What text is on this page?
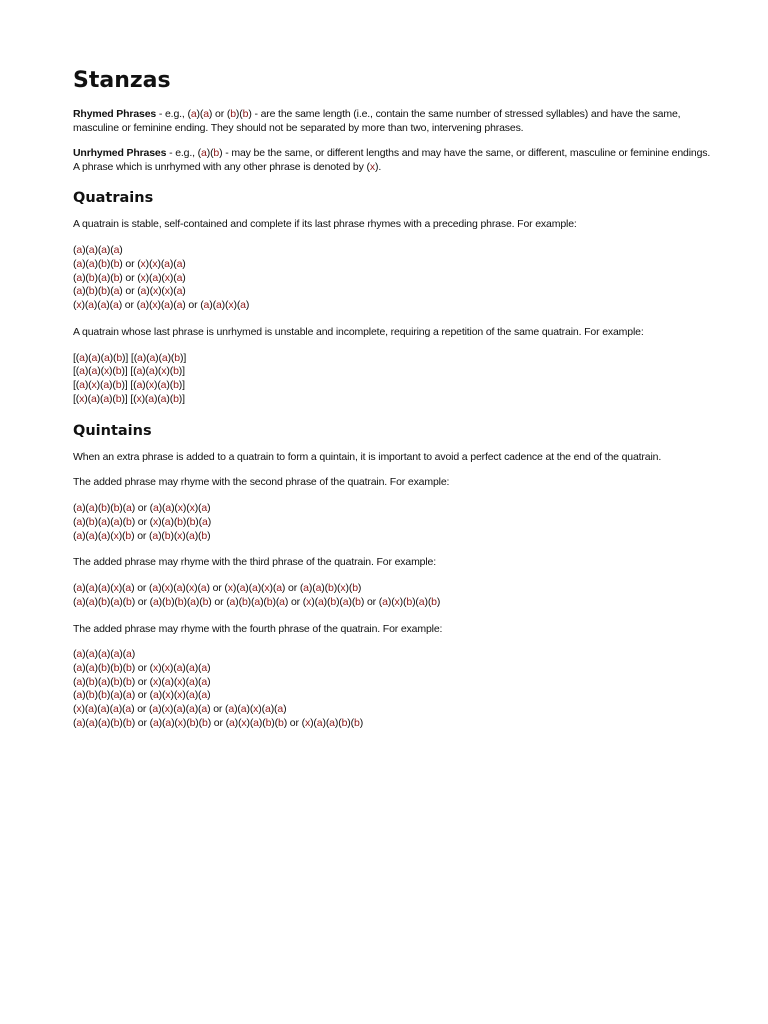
Stanzas

Rhymed Phrases - e.g., (a)(a) or (b)(b) - are the same length (i.e., contain the same number of stressed syllables) and have the same, masculine or feminine ending. They should not be separated by more than two, intervening phrases.

Unrhymed Phrases - e.g., (a)(b) - may be the same, or different lengths and may have the same, or different, masculine or feminine endings. A phrase which is unrhymed with any other phrase is denoted by (x).

Quatrains

A quatrain is stable, self-contained and complete if its last phrase rhymes with a preceding phrase. For example:

(a)(a)(a)(a)
(a)(a)(b)(b) or (x)(x)(a)(a)
(a)(b)(a)(b) or (x)(a)(x)(a)
(a)(b)(b)(a) or (a)(x)(x)(a)
(x)(a)(a)(a) or (a)(x)(a)(a) or (a)(a)(x)(a)

A quatrain whose last phrase is unrhymed is unstable and incomplete, requiring a repetition of the same quatrain. For example:

[(a)(a)(a)(b)] [(a)(a)(a)(b)]
[(a)(a)(x)(b)] [(a)(a)(x)(b)]
[(a)(x)(a)(b)] [(a)(x)(a)(b)]
[(x)(a)(a)(b)] [(x)(a)(a)(b)]
Quintains

When an extra phrase is added to a quatrain to form a quintain, it is important to avoid a perfect cadence at the end of the quatrain.

The added phrase may rhyme with the second phrase of the quatrain. For example:

(a)(a)(b)(b)(a) or (a)(a)(x)(x)(a)
(a)(b)(a)(a)(b) or (x)(a)(b)(b)(a)
(a)(a)(a)(x)(b) or (a)(b)(x)(a)(b)

The added phrase may rhyme with the third phrase of the quatrain. For example:

(a)(a)(a)(x)(a) or (a)(x)(a)(x)(a) or (x)(a)(a)(x)(a) or (a)(a)(b)(x)(b)
(a)(a)(b)(a)(b) or (a)(b)(b)(a)(b) or (a)(b)(a)(b)(a) or (x)(a)(b)(a)(b) or (a)(x)(b)(a)(b)

The added phrase may rhyme with the fourth phrase of the quatrain. For example:

(a)(a)(a)(a)(a)
(a)(a)(b)(b)(b) or (x)(x)(a)(a)(a)
(a)(b)(a)(b)(b) or (x)(a)(x)(a)(a)
(a)(b)(b)(a)(a) or (a)(x)(x)(a)(a)
(x)(a)(a)(a)(a) or (a)(x)(a)(a)(a) or (a)(a)(x)(a)(a)
(a)(a)(a)(b)(b) or (a)(a)(x)(b)(b) or (a)(x)(a)(b)(b) or (x)(a)(a)(b)(b)
